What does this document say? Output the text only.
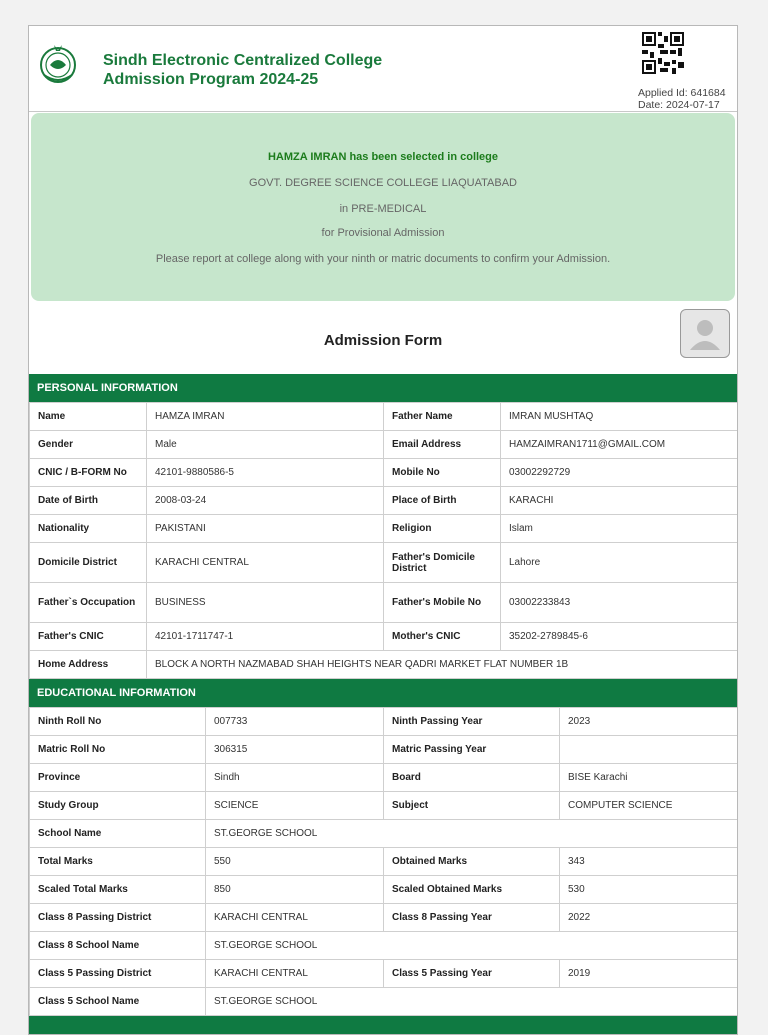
Sindh Electronic Centralized College
Admission Program 2024-25
Applied Id: 641684
Date: 2024-07-17
HAMZA IMRAN has been selected in college
GOVT. DEGREE SCIENCE COLLEGE LIAQUATABAD
in PRE-MEDICAL
for Provisional Admission
Please report at college along with your ninth or matric documents to confirm your Admission.
Admission Form
PERSONAL INFORMATION
Name	HAMZA IMRAN	Father Name	IMRAN MUSHTAQ
Gender	Male	Email Address	HAMZAIMRAN1711@GMAIL.COM
CNIC / B-FORM No	42101-9880586-5	Mobile No	03002292729
Date of Birth	2008-03-24	Place of Birth	KARACHI
Nationality	PAKISTANI	Religion	Islam
Domicile District	KARACHI CENTRAL	Father's Domicile District	Lahore
Father`s Occupation	BUSINESS	Father's Mobile No	03002233843
Father's CNIC	42101-1711747-1	Mother's CNIC	35202-2789845-6
Home Address	BLOCK A NORTH NAZMABAD SHAH HEIGHTS NEAR QADRI MARKET FLAT NUMBER 1B		
EDUCATIONAL INFORMATION
Ninth Roll No	007733	Ninth Passing Year	2023
Matric Roll No	306315	Matric Passing Year	
Province	Sindh	Board	BISE Karachi
Study Group	SCIENCE	Subject	COMPUTER SCIENCE
School Name	ST.GEORGE SCHOOL		
Total Marks	550	Obtained Marks	343
Scaled Total Marks	850	Scaled Obtained Marks	530
Class 8 Passing District	KARACHI CENTRAL	Class 8 Passing Year	2022
Class 8 School Name	ST.GEORGE SCHOOL		
Class 5 Passing District	KARACHI CENTRAL	Class 5 Passing Year	2019
Class 5 School Name	ST.GEORGE SCHOOL		
